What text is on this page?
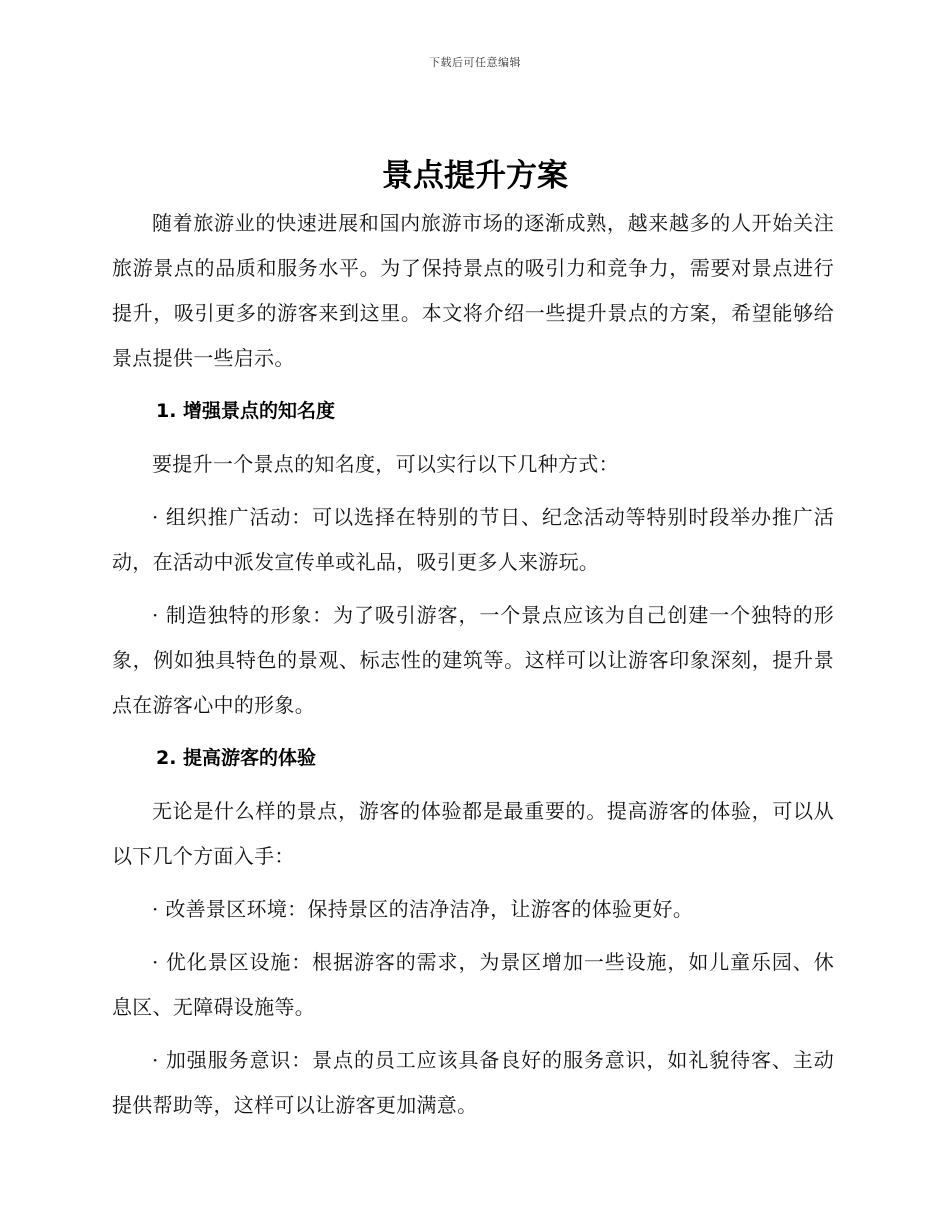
下载后可任意编辑
景点提升方案

随着旅游业的快速进展和国内旅游市场的逐渐成熟，越来越多的人开始关注旅游景点的品质和服务水平。为了保持景点的吸引力和竞争力，需要对景点进行提升，吸引更多的游客来到这里。本文将介绍一些提升景点的方案，希望能够给景点提供一些启示。

1. 增强景点的知名度

要提升一个景点的知名度，可以实行以下几种方式：

· 组织推广活动：可以选择在特别的节日、纪念活动等特别时段举办推广活动，在活动中派发宣传单或礼品，吸引更多人来游玩。

· 制造独特的形象：为了吸引游客，一个景点应该为自己创建一个独特的形象，例如独具特色的景观、标志性的建筑等。这样可以让游客印象深刻，提升景点在游客心中的形象。

2. 提高游客的体验

无论是什么样的景点，游客的体验都是最重要的。提高游客的体验，可以从以下几个方面入手：

· 改善景区环境：保持景区的洁净洁净，让游客的体验更好。

· 优化景区设施：根据游客的需求，为景区增加一些设施，如儿童乐园、休息区、无障碍设施等。

· 加强服务意识：景点的员工应该具备良好的服务意识，如礼貌待客、主动提供帮助等，这样可以让游客更加满意。
